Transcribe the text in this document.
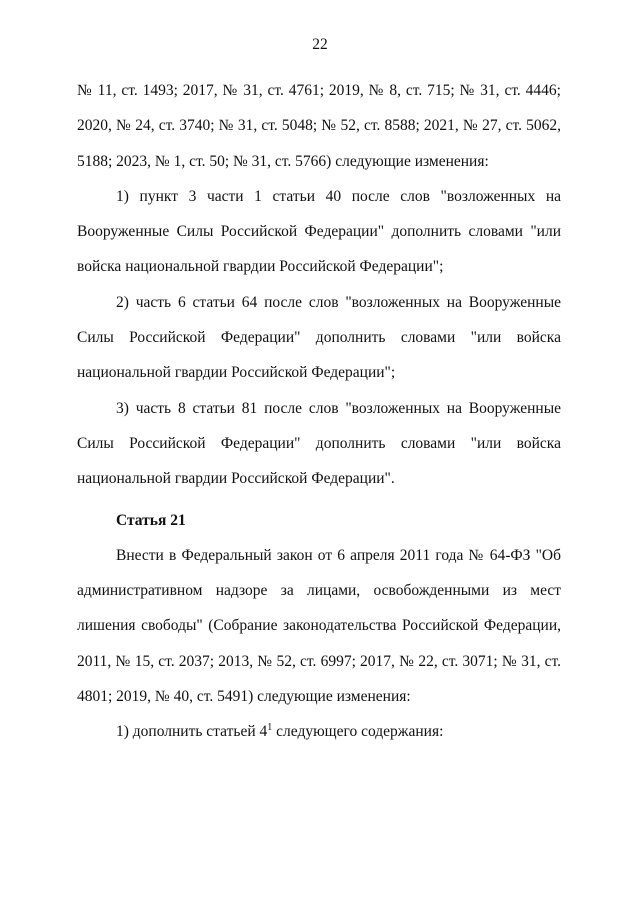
22

№ 11, ст. 1493; 2017, № 31, ст. 4761; 2019, № 8, ст. 715; № 31, ст. 4446; 2020, № 24, ст. 3740; № 31, ст. 5048; № 52, ст. 8588; 2021, № 27, ст. 5062, 5188; 2023, № 1, ст. 50; № 31, ст. 5766) следующие изменения:

1) пункт 3 части 1 статьи 40 после слов "возложенных на Вооруженные Силы Российской Федерации" дополнить словами "или войска национальной гвардии Российской Федерации";

2) часть 6 статьи 64 после слов "возложенных на Вооруженные Силы Российской Федерации" дополнить словами "или войска национальной гвардии Российской Федерации";

3) часть 8 статьи 81 после слов "возложенных на Вооруженные Силы Российской Федерации" дополнить словами "или войска национальной гвардии Российской Федерации".

Статья 21

Внести в Федеральный закон от 6 апреля 2011 года № 64-ФЗ "Об административном надзоре за лицами, освобожденными из мест лишения свободы" (Собрание законодательства Российской Федерации, 2011, № 15, ст. 2037; 2013, № 52, ст. 6997; 2017, № 22, ст. 3071; № 31, ст. 4801; 2019, № 40, ст. 5491) следующие изменения:

1) дополнить статьей $4^1$ следующего содержания:
